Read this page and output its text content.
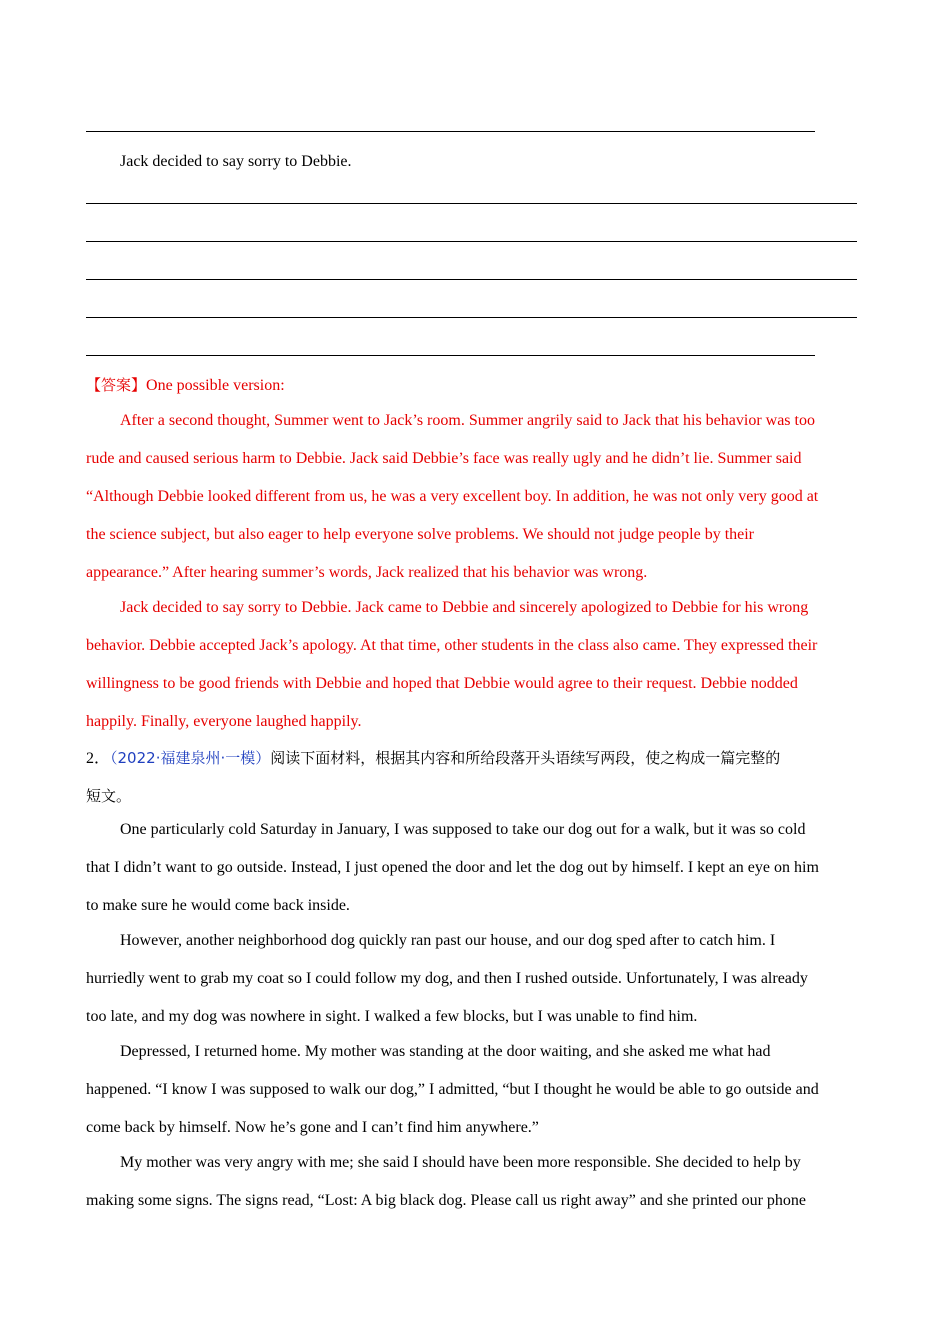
Jack decided to say sorry to Debbie.
【答案】One possible version:
After a second thought, Summer went to Jack’s room. Summer angrily said to Jack that his behavior was too
rude and caused serious harm to Debbie. Jack said Debbie’s face was really ugly and he didn’t lie. Summer said
“Although Debbie looked different from us, he was a very excellent boy. In addition, he was not only very good at
the science subject, but also eager to help everyone solve problems. We should not judge people by their
appearance.” After hearing summer’s words, Jack realized that his behavior was wrong.
Jack decided to say sorry to Debbie. Jack came to Debbie and sincerely apologized to Debbie for his wrong
behavior. Debbie accepted Jack’s apology. At that time, other students in the class also came. They expressed their
willingness to be good friends with Debbie and hoped that Debbie would agree to their request. Debbie nodded
happily. Finally, everyone laughed happily.
2．（2022·福建泉州·一模）阅读下面材料，根据其内容和所给段落开头语续写两段，使之构成一篇完整的
短文。
One particularly cold Saturday in January, I was supposed to take our dog out for a walk, but it was so cold
that I didn’t want to go outside. Instead, I just opened the door and let the dog out by himself. I kept an eye on him
to make sure he would come back inside.
However, another neighborhood dog quickly ran past our house, and our dog sped after to catch him. I
hurriedly went to grab my coat so I could follow my dog, and then I rushed outside. Unfortunately, I was already
too late, and my dog was nowhere in sight. I walked a few blocks, but I was unable to find him.
Depressed, I returned home. My mother was standing at the door waiting, and she asked me what had
happened. “I know I was supposed to walk our dog,” I admitted, “but I thought he would be able to go outside and
come back by himself. Now he’s gone and I can’t find him anywhere.”
My mother was very angry with me; she said I should have been more responsible. She decided to help by
making some signs. The signs read, “Lost: A big black dog. Please call us right away” and she printed our phone
